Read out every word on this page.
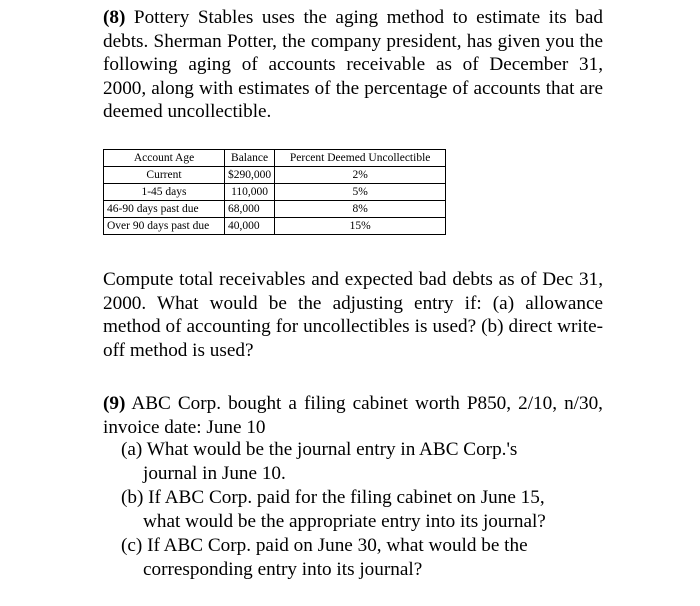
(8) Pottery Stables uses the aging method to estimate its bad debts. Sherman Potter, the company president, has given you the following aging of accounts receivable as of December 31, 2000, along with estimates of the percentage of accounts that are deemed uncollectible.

Account Age	Balance	Percent Deemed Uncollectible
Current	$290,000	2%
1-45 days	110,000	5%
46-90 days past due	68,000	8%
Over 90 days past due	40,000	15%

Compute total receivables and expected bad debts as of Dec 31, 2000. What would be the adjusting entry if: (a) allowance method of accounting for uncollectibles is used? (b) direct write-off method is used?

(9) ABC Corp. bought a filing cabinet worth P850, 2/10, n/30, invoice date: June 10

(a) What would be the journal entry in ABC Corp.'s
journal in June 10.
(b) If ABC Corp. paid for the filing cabinet on June 15,
what would be the appropriate entry into its journal?
(c) If ABC Corp. paid on June 30, what would be the
corresponding entry into its journal?
